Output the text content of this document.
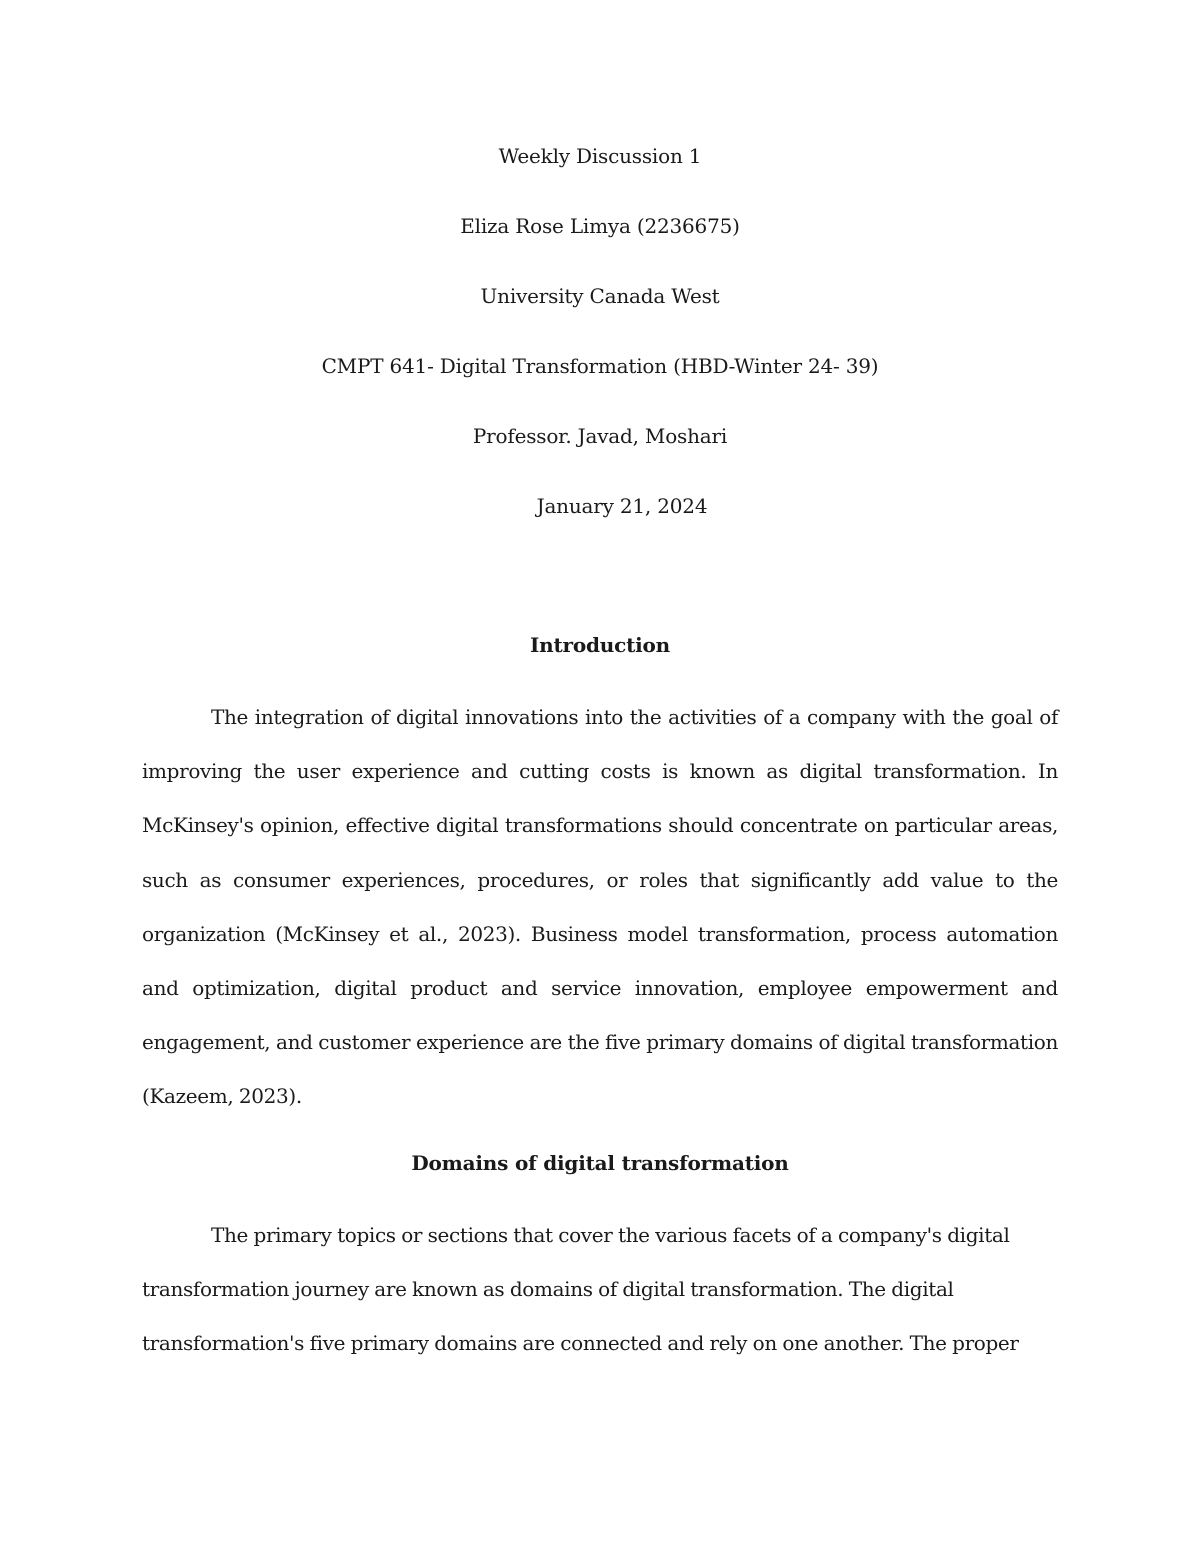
Weekly Discussion 1
Eliza Rose Limya (2236675)
University Canada West
CMPT 641- Digital Transformation (HBD-Winter 24- 39)
Professor. Javad, Moshari
January 21, 2024
Introduction
The integration of digital innovations into the activities of a company with the goal of improving the user experience and cutting costs is known as digital transformation. In McKinsey's opinion, effective digital transformations should concentrate on particular areas, such as consumer experiences, procedures, or roles that significantly add value to the organization (McKinsey et al., 2023). Business model transformation, process automation and optimization, digital product and service innovation, employee empowerment and engagement, and customer experience are the five primary domains of digital transformation (Kazeem, 2023).
Domains of digital transformation
The primary topics or sections that cover the various facets of a company's digital transformation journey are known as domains of digital transformation. The digital transformation's five primary domains are connected and rely on one another. The proper
